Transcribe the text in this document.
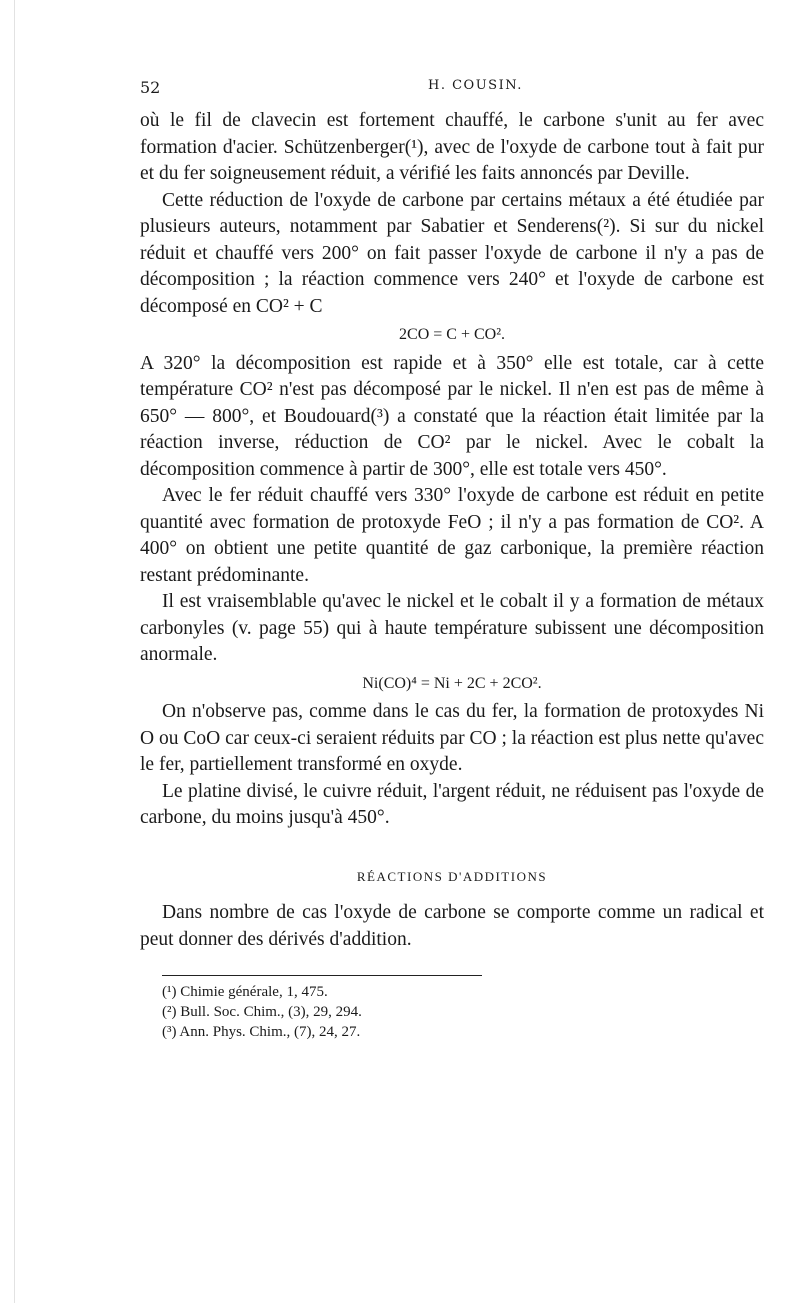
52	H. COUSIN.

où le fil de clavecin est fortement chauffé, le carbone s'unit au fer avec formation d'acier. Schützenberger(¹), avec de l'oxyde de carbone tout à fait pur et du fer soigneusement réduit, a vérifié les faits annoncés par Deville.

Cette réduction de l'oxyde de carbone par certains métaux a été étudiée par plusieurs auteurs, notamment par Sabatier et Senderens(²). Si sur du nickel réduit et chauffé vers 200° on fait passer l'oxyde de carbone il n'y a pas de décomposition ; la réaction commence vers 240° et l'oxyde de carbone est décomposé en CO² + C

2CO = C + CO².

A 320° la décomposition est rapide et à 350° elle est totale, car à cette température CO² n'est pas décomposé par le nickel. Il n'en est pas de même à 650° — 800°, et Boudouard(³) a constaté que la réaction était limitée par la réaction inverse, réduction de CO² par le nickel. Avec le cobalt la décomposition commence à partir de 300°, elle est totale vers 450°.

Avec le fer réduit chauffé vers 330° l'oxyde de carbone est réduit en petite quantité avec formation de protoxyde FeO ; il n'y a pas formation de CO². A 400° on obtient une petite quantité de gaz carbonique, la première réaction restant prédominante.

Il est vraisemblable qu'avec le nickel et le cobalt il y a formation de métaux carbonyles (v. page 55) qui à haute température subissent une décomposition anormale.

Ni(CO)⁴ = Ni + 2C + 2CO².

On n'observe pas, comme dans le cas du fer, la formation de protoxydes Ni O ou CoO car ceux-ci seraient réduits par CO ; la réaction est plus nette qu'avec le fer, partiellement transformé en oxyde.

Le platine divisé, le cuivre réduit, l'argent réduit, ne réduisent pas l'oxyde de carbone, du moins jusqu'à 450°.

RÉACTIONS D'ADDITIONS

Dans nombre de cas l'oxyde de carbone se comporte comme un radical et peut donner des dérivés d'addition.

(¹) Chimie générale, 1, 475.
(²) Bull. Soc. Chim., (3), 29, 294.
(³) Ann. Phys. Chim., (7), 24, 27.
